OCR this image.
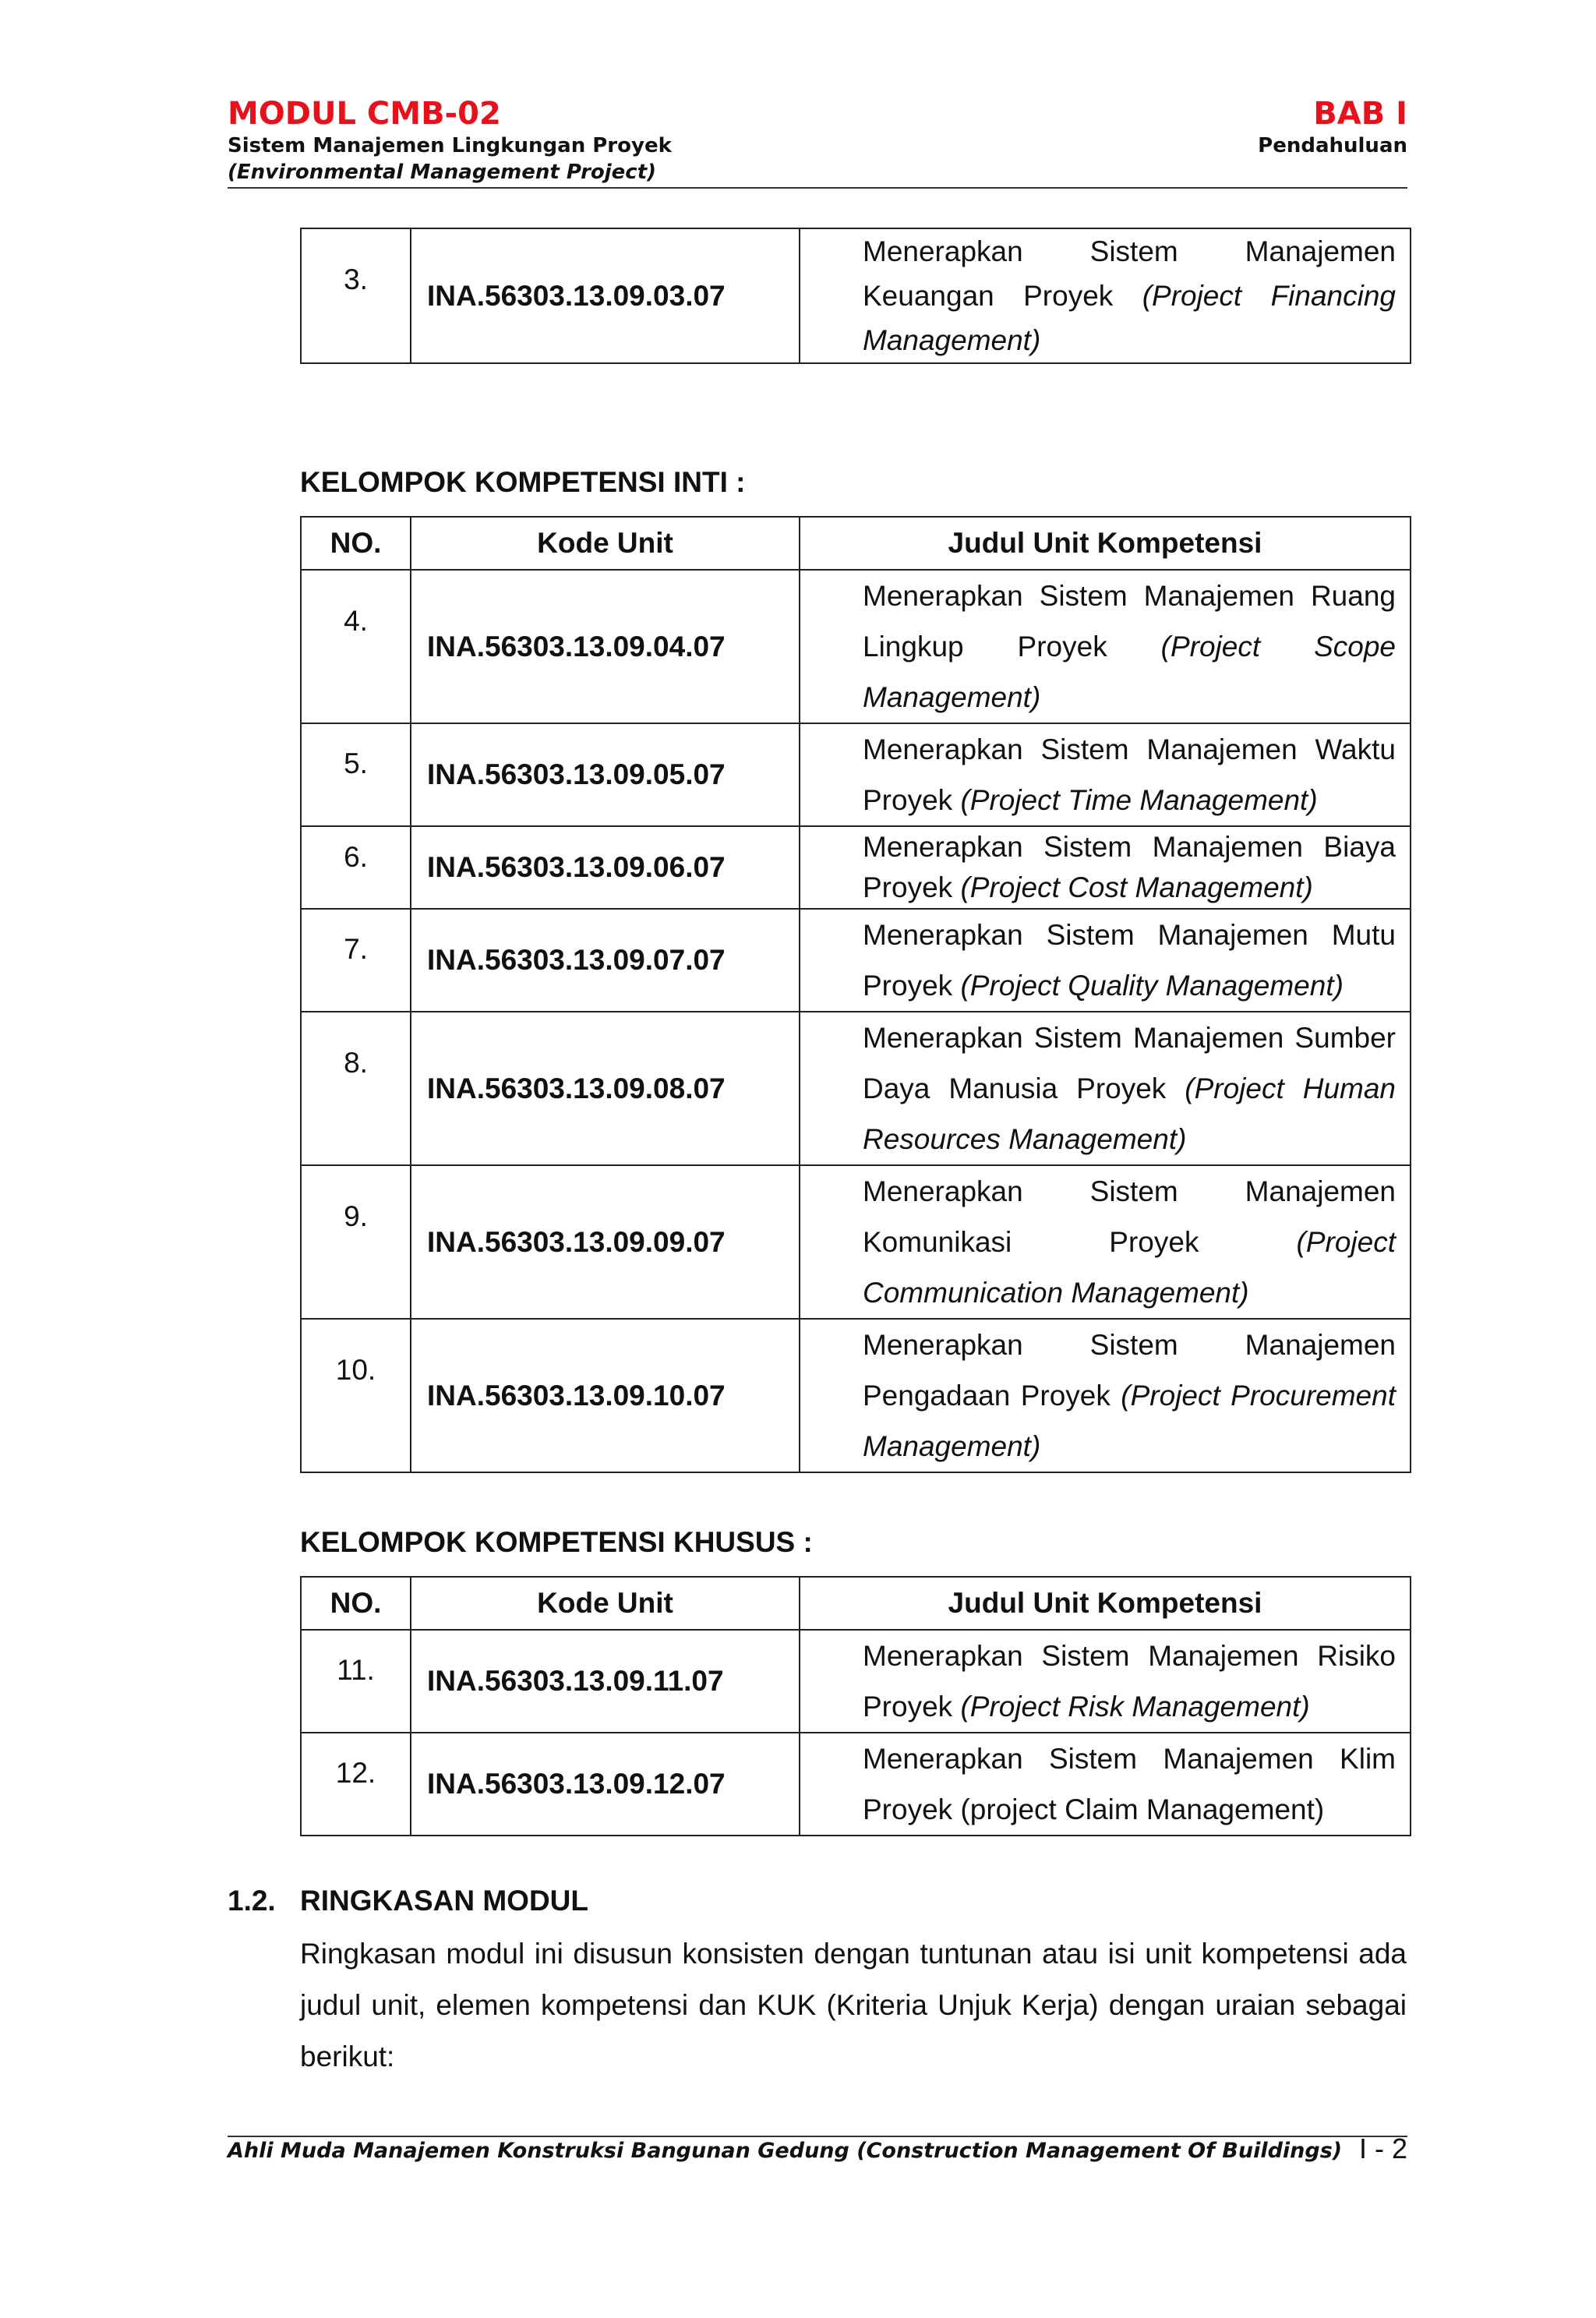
MODUL CMB-02
Sistem Manajemen Lingkungan Proyek
(Environmental Management Project)
BAB I
Pendahuluan
3.	INA.56303.13.09.03.07	Menerapkan Sistem Manajemen Keuangan Proyek (Project Financing Management)
KELOMPOK KOMPETENSI INTI :
NO.	Kode Unit	Judul Unit Kompetensi

4.	INA.56303.13.09.04.07	Menerapkan Sistem Manajemen Ruang Lingkup Proyek (Project Scope Management)

5.	INA.56303.13.09.05.07	Menerapkan Sistem Manajemen Waktu Proyek (Project Time Management)

6.	INA.56303.13.09.06.07	Menerapkan Sistem Manajemen Biaya Proyek (Project Cost Management)

7.	INA.56303.13.09.07.07	Menerapkan Sistem Manajemen Mutu Proyek (Project Quality Management)

8.	INA.56303.13.09.08.07	Menerapkan Sistem Manajemen Sumber Daya Manusia Proyek (Project Human Resources Management)

9.	INA.56303.13.09.09.07	Menerapkan Sistem Manajemen Komunikasi Proyek (Project Communication Management)

10.	INA.56303.13.09.10.07	Menerapkan Sistem Manajemen Pengadaan Proyek (Project Procurement Management)
KELOMPOK KOMPETENSI KHUSUS :
NO.	Kode Unit	Judul Unit Kompetensi

11.	INA.56303.13.09.11.07	Menerapkan Sistem Manajemen Risiko Proyek (Project Risk Management)

12.	INA.56303.13.09.12.07	Menerapkan Sistem Manajemen Klim Proyek (project Claim Management)
1.2. RINGKASAN MODUL
Ringkasan modul ini disusun konsisten dengan tuntunan atau isi unit kompetensi ada judul unit, elemen kompetensi dan KUK (Kriteria Unjuk Kerja) dengan uraian sebagai berikut:
Ahli Muda Manajemen Konstruksi Bangunan Gedung (Construction Management Of Buildings) I - 2
